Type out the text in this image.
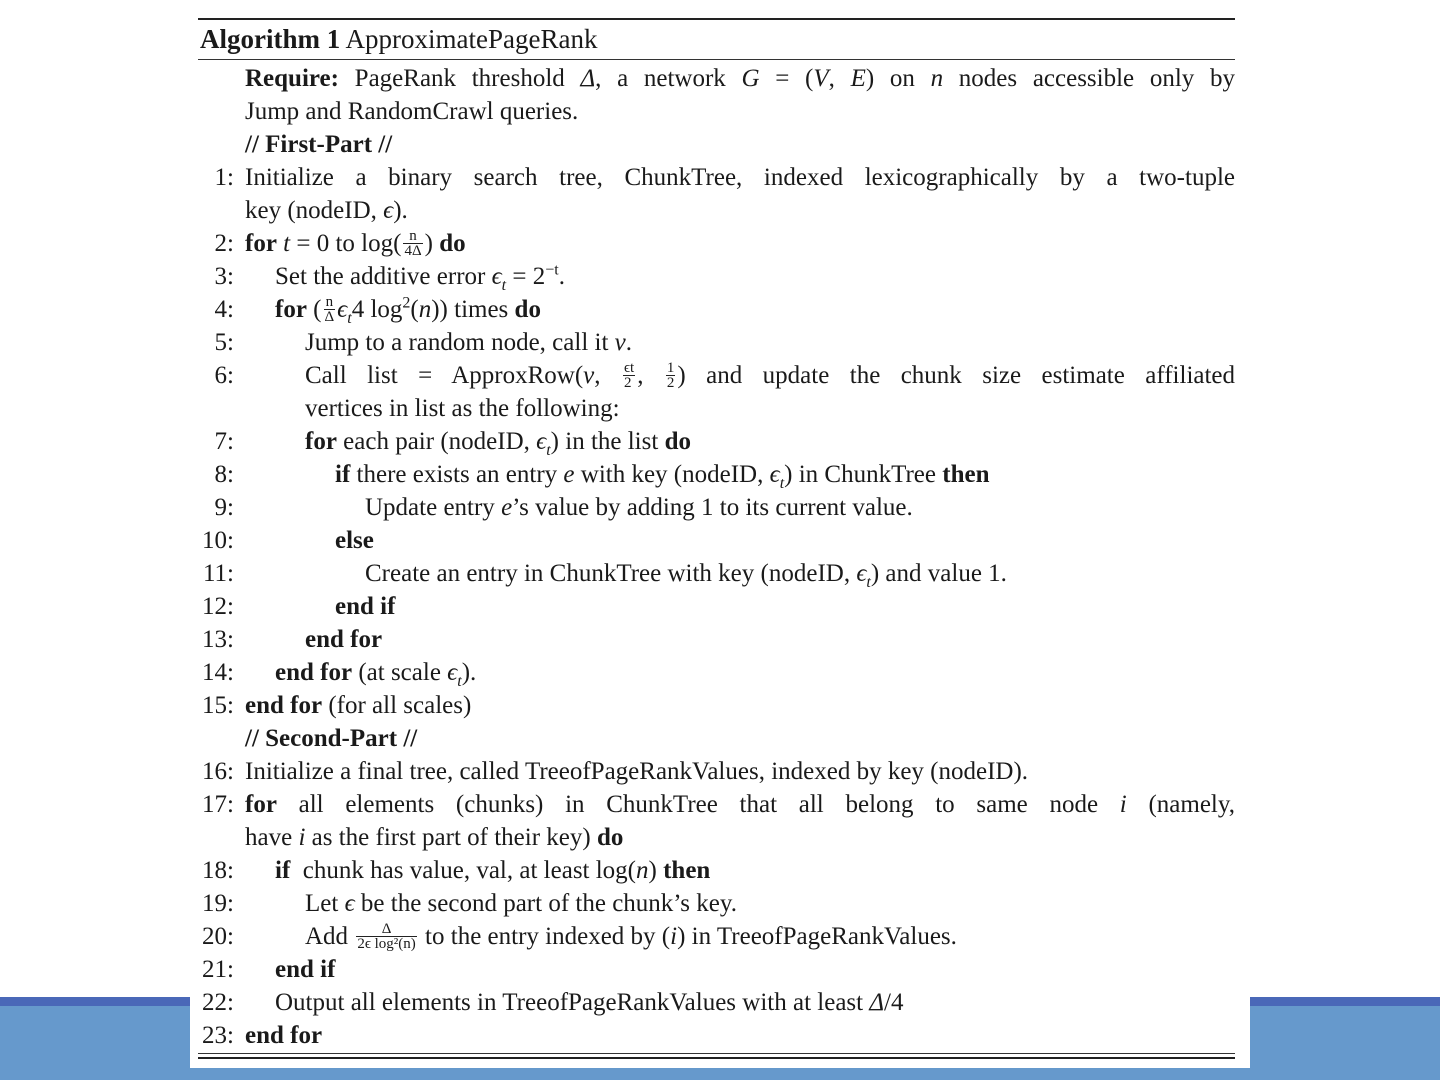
Algorithm 1 ApproximatePageRank
Require: PageRank threshold Δ, a network G = (V, E) on n nodes accessible only by
Jump and RandomCrawl queries.
// First-Part //
1: Initialize a binary search tree, ChunkTree, indexed lexicographically by a two-tuple
key (nodeID, ϵ).
2: for t = 0 to $\log( \frac{n}{4\Delta}$ ) do
3: Set the additive error $\epsilon_t = 2^{-t}$.
4: for ( $\frac{n}{\Delta} \epsilon_t4$ $\log^2(n)$) times do
5:	Jump to a random node, call it v.
6:	Call list = ApproxRow(v, $\frac{\epsilon t}{2}$ , $\frac{1}{2}$ ) and update the chunk size estimate affiliated
vertices in list as the following:
7:	for each pair (nodeID, $\epsilon_t$) in the list do
8:	if there exists an entry e with key (nodeID, $\epsilon_t$) in ChunkTree then
9:	Update entry e’s value by adding 1 to its current value.
10:	else
11:	Create an entry in ChunkTree with key (nodeID, $\epsilon_t$) and value 1.
12:	end if
13:	end for
14: end for (at scale $\epsilon_t$).
15: end for (for all scales)
// Second-Part //
16: Initialize a final tree, called TreeofPageRankValues, indexed by key (nodeID).
17: for all elements (chunks) in ChunkTree that all belong to same node i (namely,
have i as the first part of their key) do
18: if  chunk has value, val, at least log(n) then
19:	Let ϵ be the second part of the chunk’s key.
20:	Add $\frac{\Delta}{\text{2ϵ log²(n)}}$ to the entry indexed by (i) in TreeofPageRankValues.
21: end if
22: Output all elements in TreeofPageRankValues with at least Δ/4
23: end for
